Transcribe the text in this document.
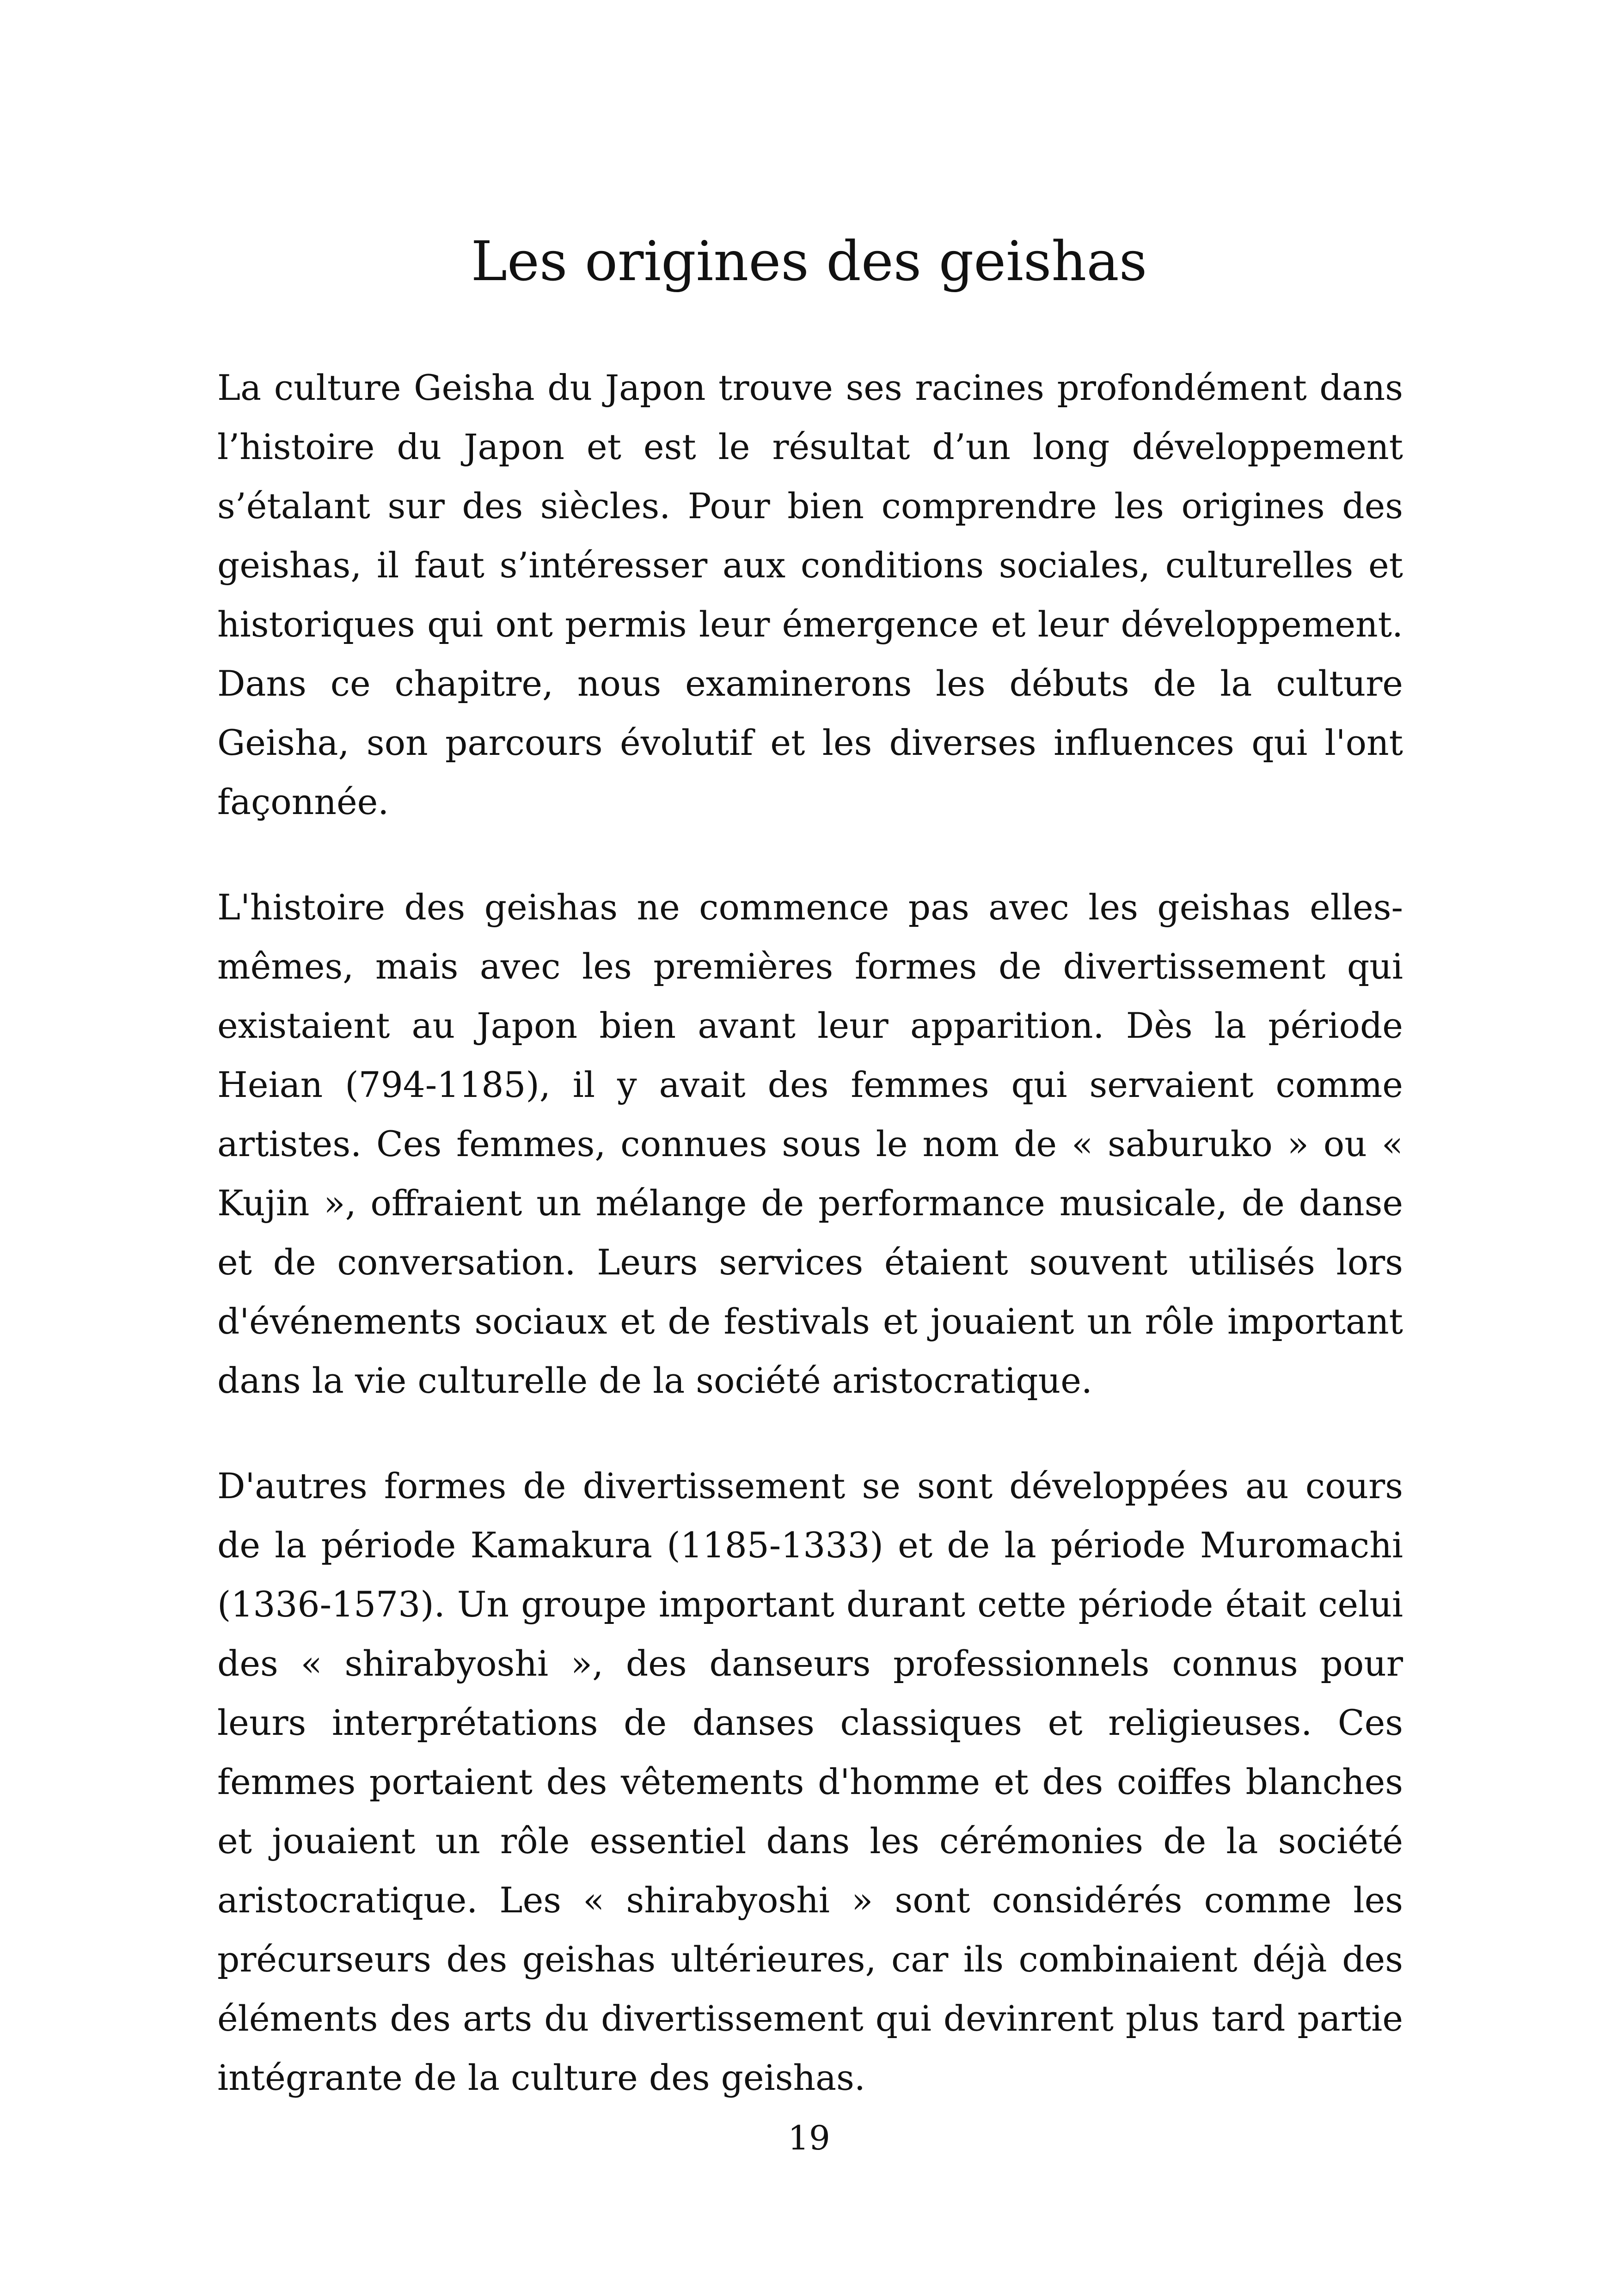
Les origines des geishas

La culture Geisha du Japon trouve ses racines profondément dans l’histoire du Japon et est le résultat d’un long développement s’étalant sur des siècles. Pour bien comprendre les origines des geishas, il faut s’intéresser aux conditions sociales, culturelles et historiques qui ont permis leur émergence et leur développement. Dans ce chapitre, nous examinerons les débuts de la culture Geisha, son parcours évolutif et les diverses influences qui l'ont façonnée.

L'histoire des geishas ne commence pas avec les geishas elles-mêmes, mais avec les premières formes de divertissement qui existaient au Japon bien avant leur apparition. Dès la période Heian (794-1185), il y avait des femmes qui servaient comme artistes. Ces femmes, connues sous le nom de « saburuko » ou « Kujin », offraient un mélange de performance musicale, de danse et de conversation. Leurs services étaient souvent utilisés lors d'événements sociaux et de festivals et jouaient un rôle important dans la vie culturelle de la société aristocratique.

D'autres formes de divertissement se sont développées au cours de la période Kamakura (1185-1333) et de la période Muromachi (1336-1573). Un groupe important durant cette période était celui des « shirabyoshi », des danseurs professionnels connus pour leurs interprétations de danses classiques et religieuses. Ces femmes portaient des vêtements d'homme et des coiffes blanches et jouaient un rôle essentiel dans les cérémonies de la société aristocratique. Les « shirabyoshi » sont considérés comme les précurseurs des geishas ultérieures, car ils combinaient déjà des éléments des arts du divertissement qui devinrent plus tard partie intégrante de la culture des geishas.

19
